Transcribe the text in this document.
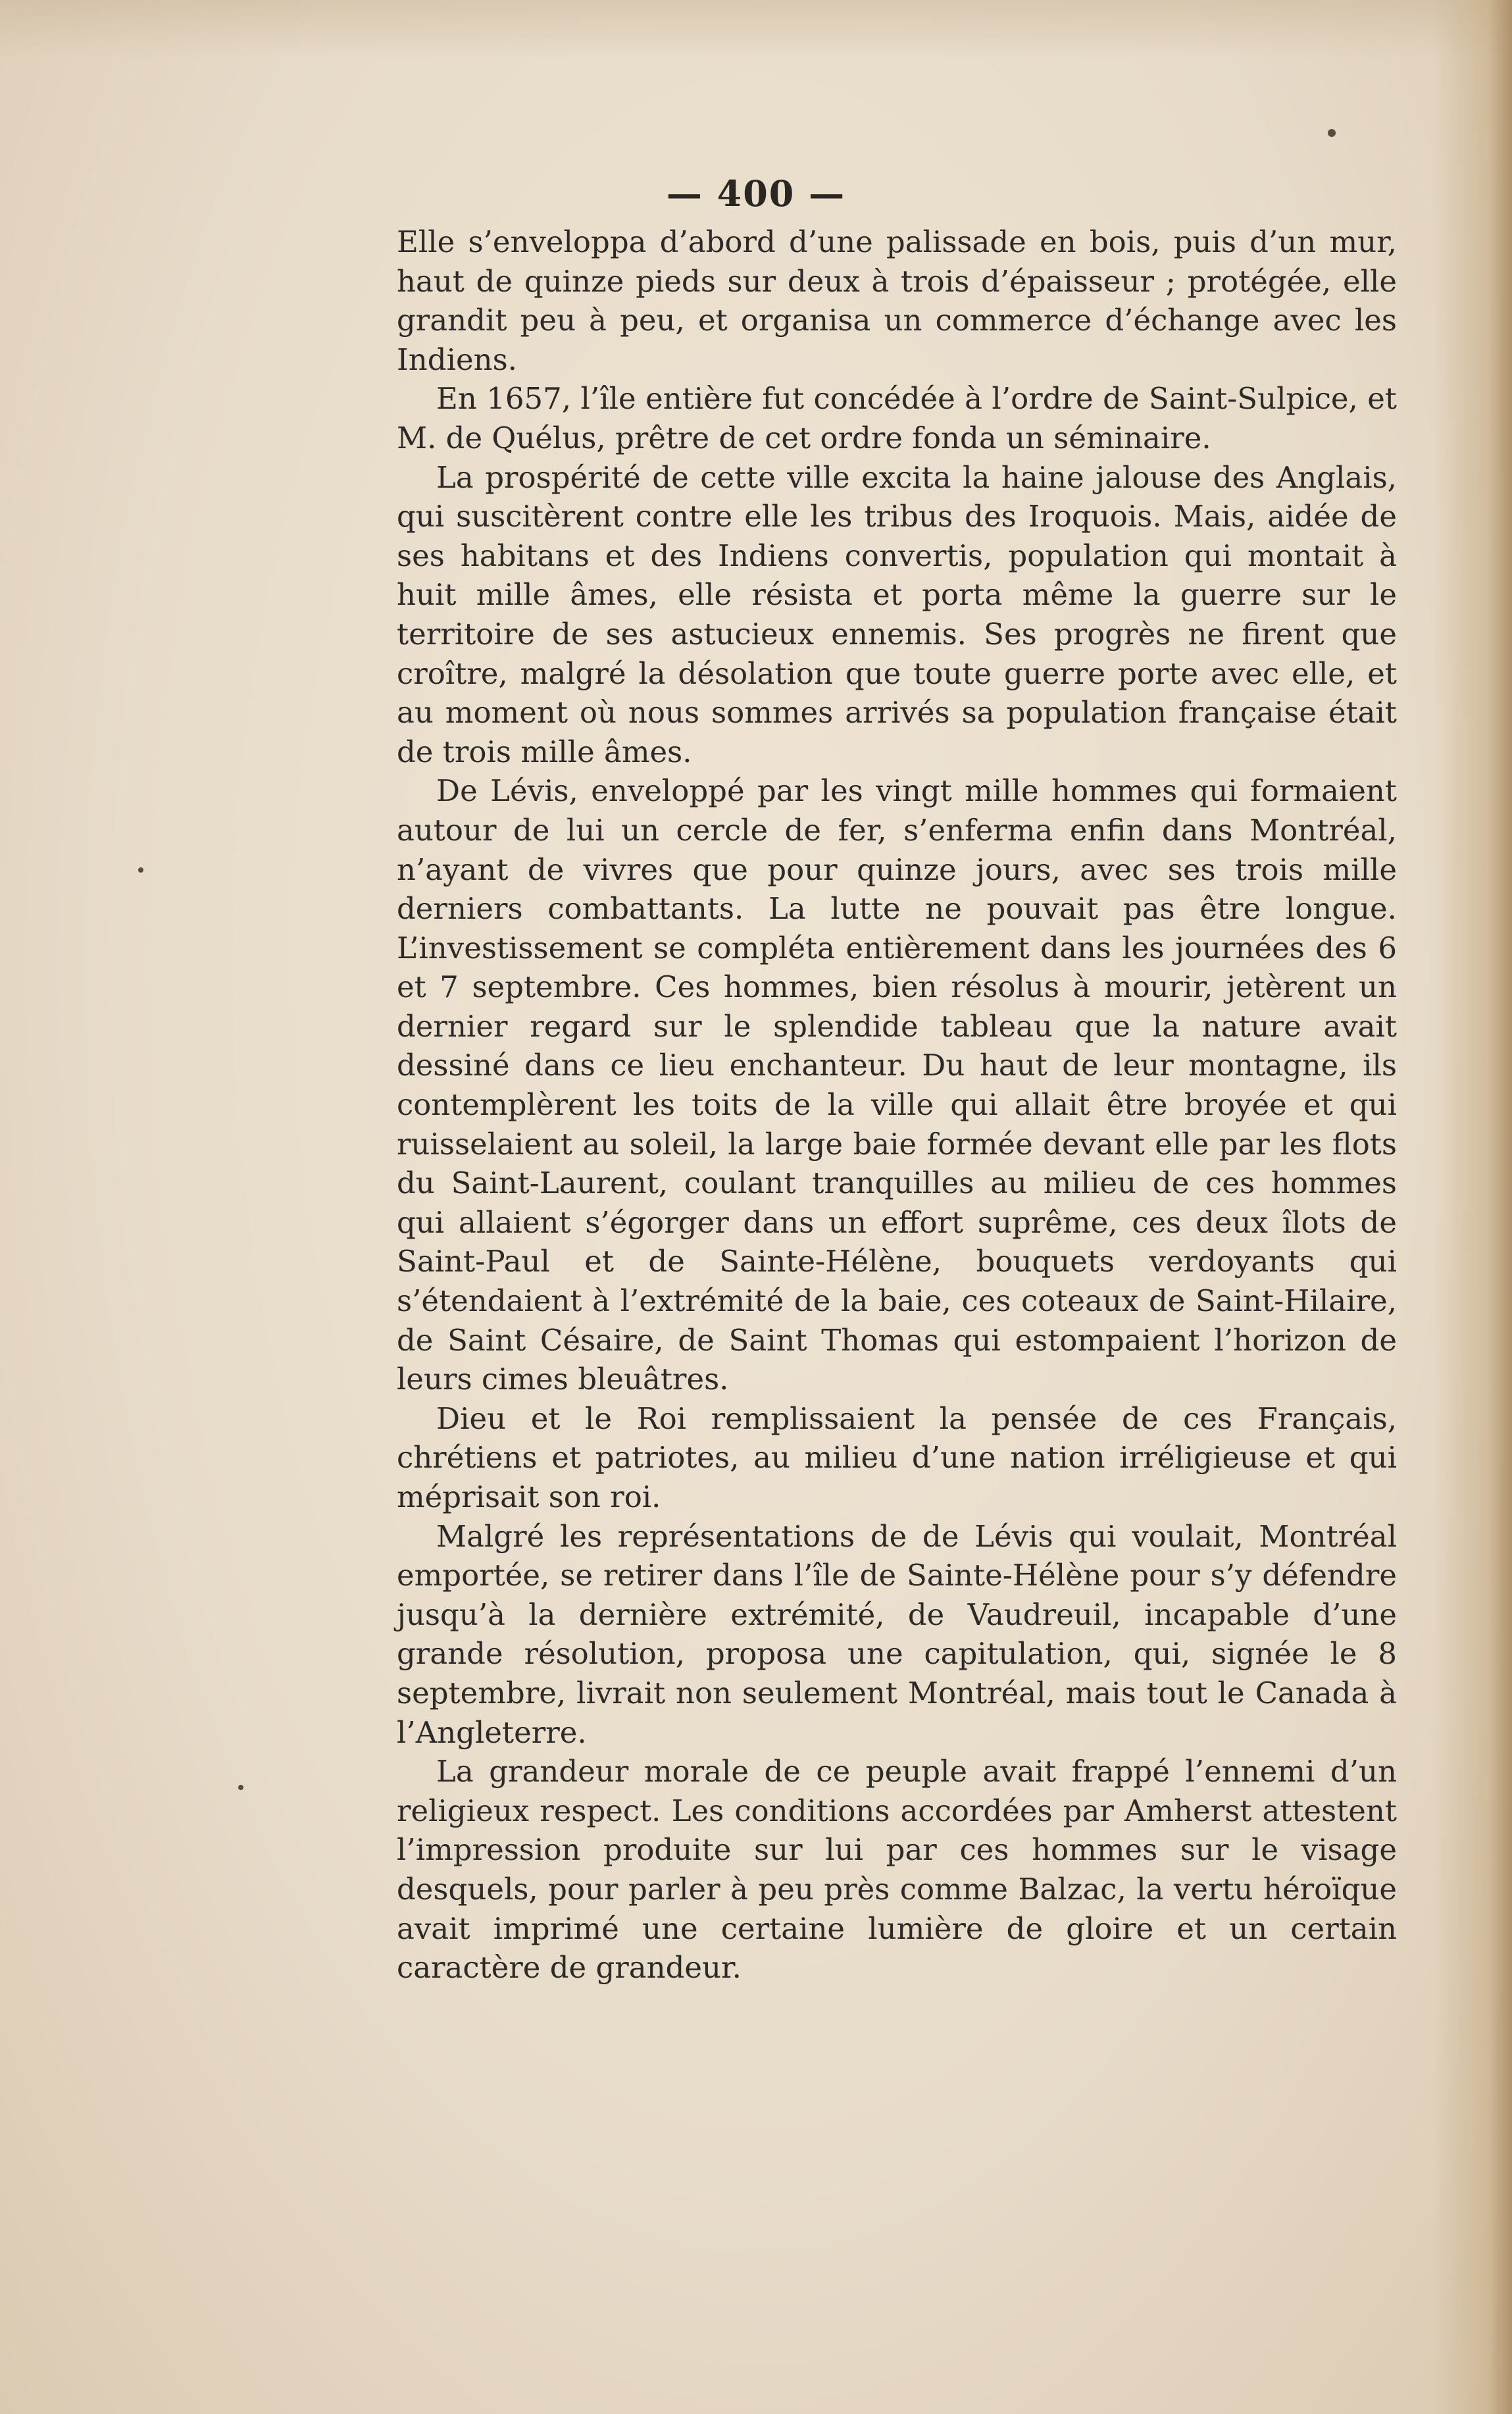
— 400 —

Elle s’enveloppa d’abord d’une palissade en bois, puis d’un mur, haut de quinze pieds sur deux à trois d’épaisseur ; protégée, elle grandit peu à peu, et organisa un commerce d’échange avec les Indiens.

En 1657, l’île entière fut concédée à l’ordre de Saint-Sulpice, et M. de Quélus, prêtre de cet ordre fonda un séminaire.

La prospérité de cette ville excita la haine jalouse des Anglais, qui suscitèrent contre elle les tribus des Iroquois. Mais, aidée de ses habitans et des Indiens convertis, population qui montait à huit mille âmes, elle résista et porta même la guerre sur le territoire de ses astucieux ennemis. Ses progrès ne firent que croître, malgré la désolation que toute guerre porte avec elle, et au moment où nous sommes arrivés sa population française était de trois mille âmes.

De Lévis, enveloppé par les vingt mille hommes qui formaient autour de lui un cercle de fer, s’enferma enfin dans Montréal, n’ayant de vivres que pour quinze jours, avec ses trois mille derniers combattants. La lutte ne pouvait pas être longue. L’investissement se compléta entièrement dans les journées des 6 et 7 septembre. Ces hommes, bien résolus à mourir, jetèrent un dernier regard sur le splendide tableau que la nature avait dessiné dans ce lieu enchanteur. Du haut de leur montagne, ils contemplèrent les toits de la ville qui allait être broyée et qui ruisselaient au soleil, la large baie formée devant elle par les flots du Saint-Laurent, coulant tranquilles au milieu de ces hommes qui allaient s’égorger dans un effort suprême, ces deux îlots de Saint-Paul et de Sainte-Hélène, bouquets verdoyants qui s’étendaient à l’extrémité de la baie, ces coteaux de Saint-Hilaire, de Saint Césaire, de Saint Thomas qui estompaient l’horizon de leurs cimes bleuâtres.

Dieu et le Roi remplissaient la pensée de ces Français, chrétiens et patriotes, au milieu d’une nation irréligieuse et qui méprisait son roi.

Malgré les représentations de de Lévis qui voulait, Montréal emportée, se retirer dans l’île de Sainte-Hélène pour s’y défendre jusqu’à la dernière extrémité, de Vaudreuil, incapable d’une grande résolution, proposa une capitulation, qui, signée le 8 septembre, livrait non seulement Montréal, mais tout le Canada à l’Angleterre.

La grandeur morale de ce peuple avait frappé l’ennemi d’un religieux respect. Les conditions accordées par Amherst attestent l’impression produite sur lui par ces hommes sur le visage desquels, pour parler à peu près comme Balzac, la vertu héroïque avait imprimé une certaine lumière de gloire et un certain caractère de grandeur.
